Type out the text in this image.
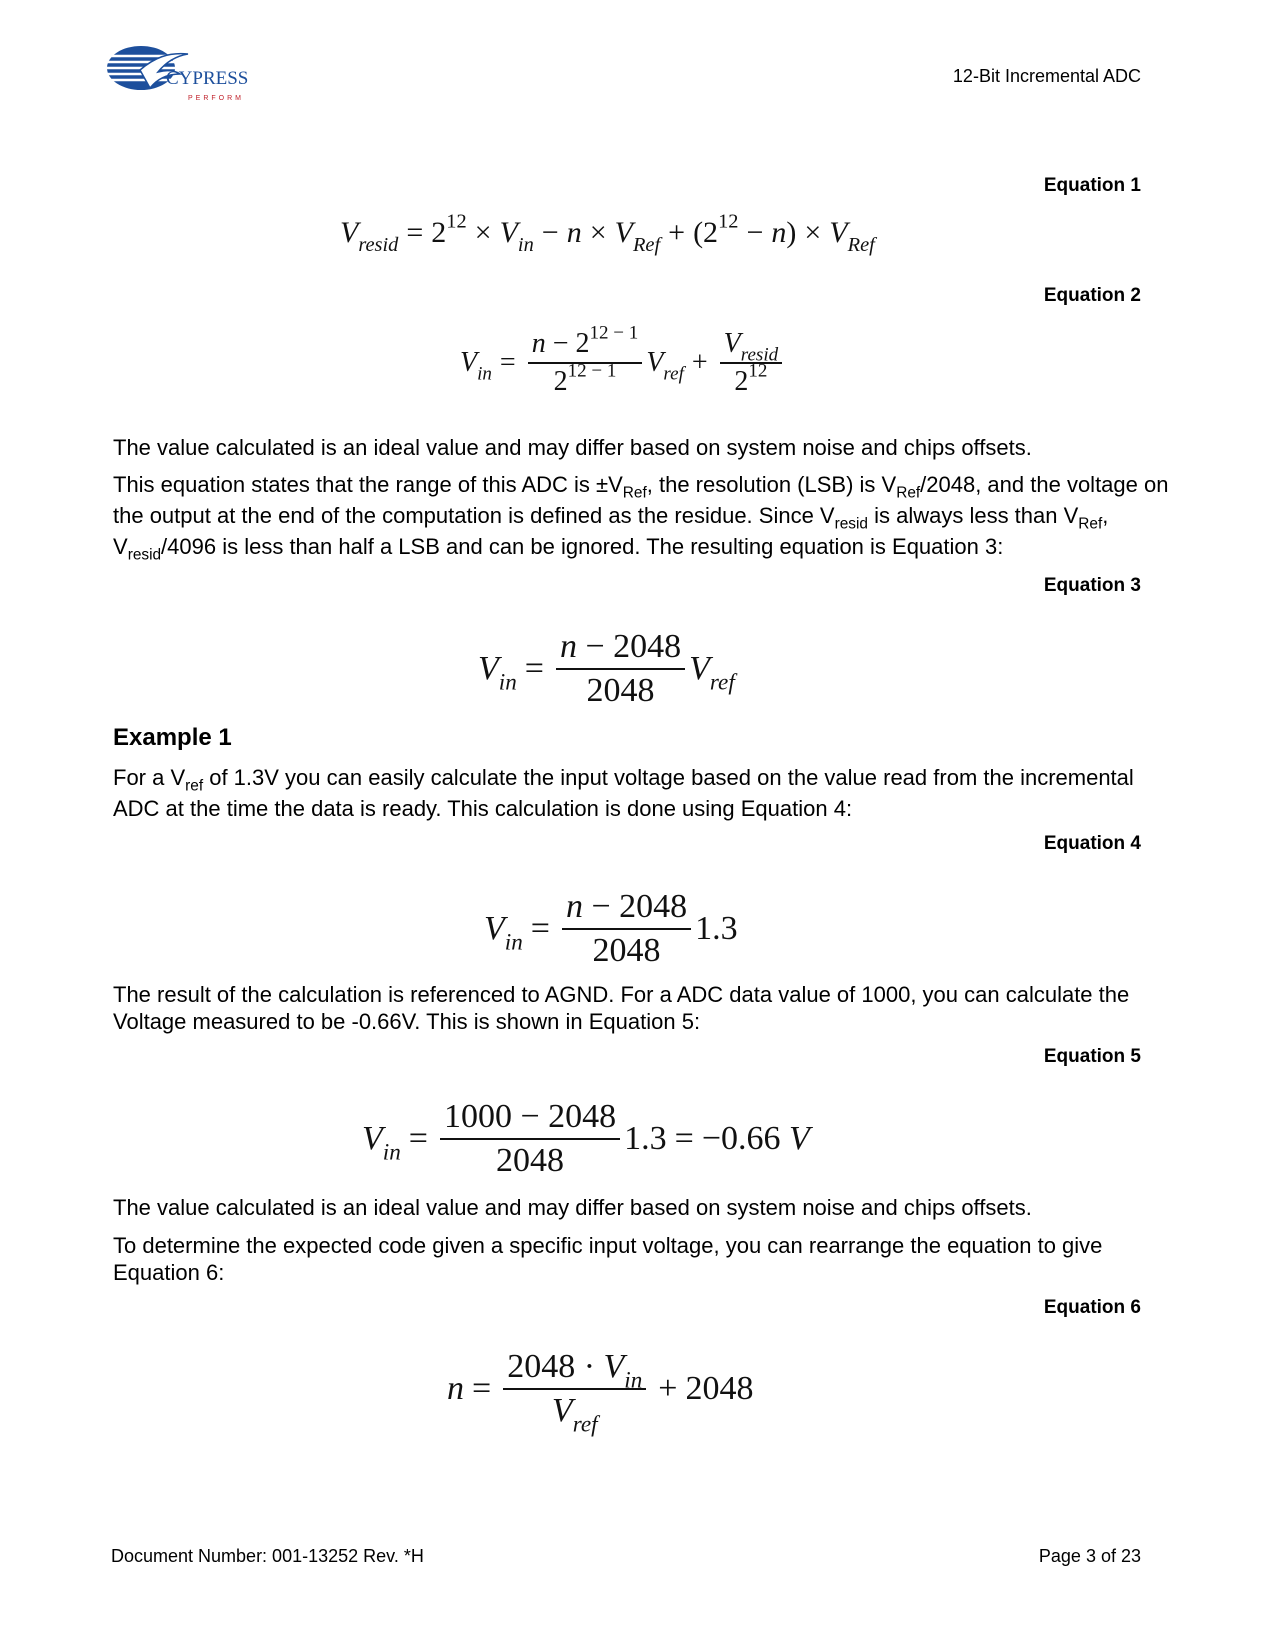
CYPRESS
PERFORM
12-Bit Incremental ADC
Equation 1
$V_{resid} = 2^{12} \times V_{in} - n \times V_{Ref} + (2^{12} - n) \times V_{Ref}$
Equation 2
$V_{in} = \frac{n - 2^{12 - 1}}{2^{12 - 1}} V_{ref} + \frac{V_{resid}}{2^{12}}$
The value calculated is an ideal value and may differ based on system noise and chips offsets.
This equation states that the range of this ADC is $\pm V_{Ref}$, the resolution (LSB) is $V_{Ref}/2048$, and the voltage on the output at the end of the computation is defined as the residue. Since $V_{resid}$ is always less than $V_{Ref}$, $V_{resid}/4096$ is less than half a LSB and can be ignored. The resulting equation is Equation 3:
Equation 3
$V_{in} = \frac{n - 2048}{2048} V_{ref}$
Example 1
For a $V_{ref}$ of 1.3V you can easily calculate the input voltage based on the value read from the incremental ADC at the time the data is ready. This calculation is done using Equation 4:
Equation 4
$V_{in} = \frac{n - 2048}{2048} 1.3$
The result of the calculation is referenced to AGND. For a ADC data value of 1000, you can calculate the Voltage measured to be -0.66V. This is shown in Equation 5:
Equation 5
$V_{in} = \frac{1000 - 2048}{2048} 1.3 = -0.66$ V
The value calculated is an ideal value and may differ based on system noise and chips offsets.
To determine the expected code given a specific input voltage, you can rearrange the equation to give Equation 6:
Equation 6
$n = \frac{2048 \cdot V_{in}}{V_{ref}} + 2048$
Document Number: 001-13252 Rev. *H	Page 3 of 23
